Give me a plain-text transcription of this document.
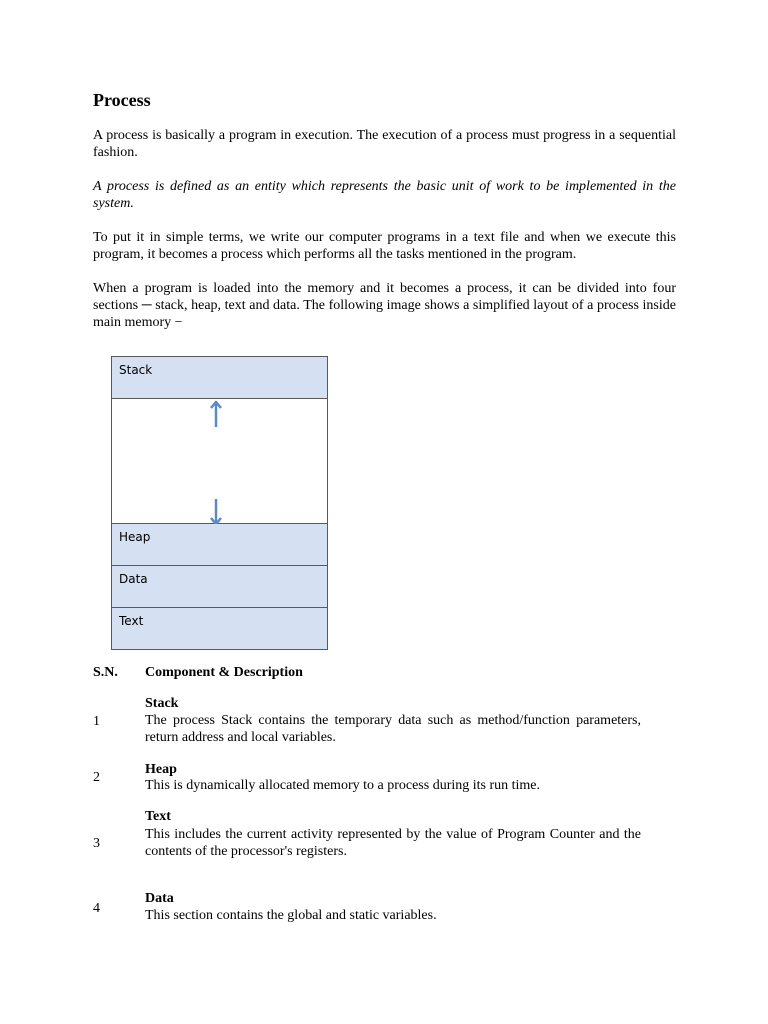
Process

A process is basically a program in execution. The execution of a process must progress in a sequential fashion.

A process is defined as an entity which represents the basic unit of work to be implemented in the system.

To put it in simple terms, we write our computer programs in a text file and when we execute this program, it becomes a process which performs all the tasks mentioned in the program.

When a program is loaded into the memory and it becomes a process, it can be divided into four sections ─ stack, heap, text and data. The following image shows a simplified layout of a process inside main memory −

Stack
Heap
Data
Text
S.N. Component & Description
1
Stack
The process Stack contains the temporary data such as method/function parameters, return address and local variables.
2
Heap
This is dynamically allocated memory to a process during its run time.
3
Text
This includes the current activity represented by the value of Program Counter and the contents of the processor's registers.
4
Data
This section contains the global and static variables.
